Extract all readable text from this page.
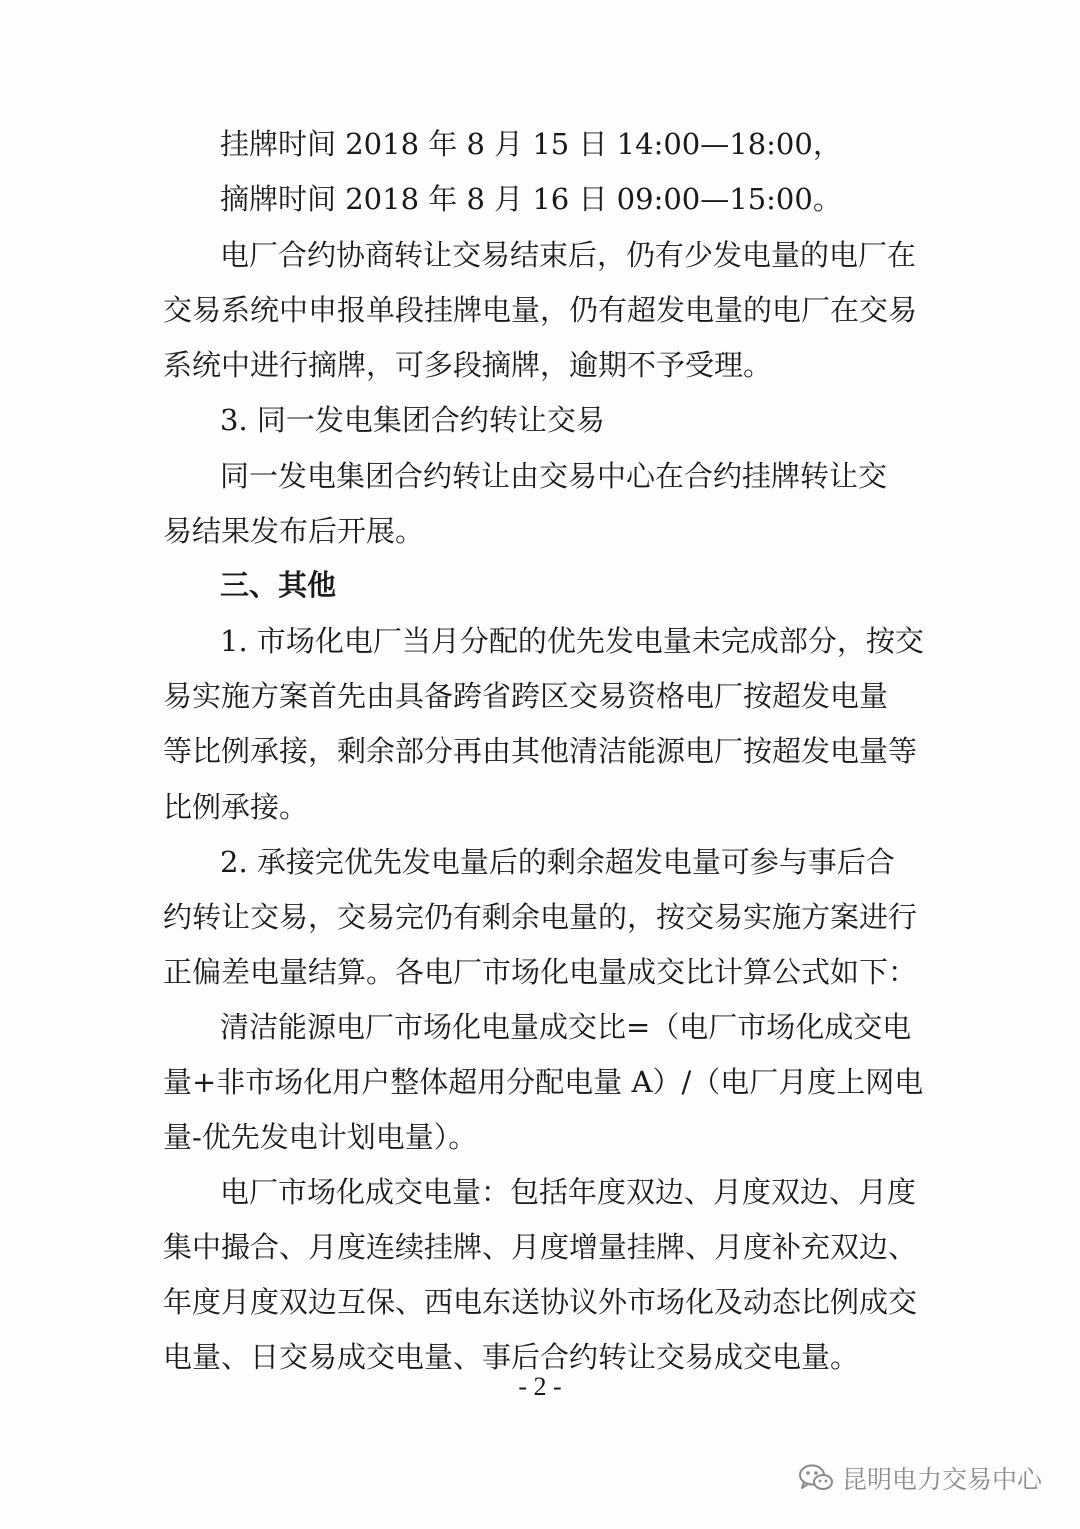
挂牌时间 2018 年 8 月 15 日 14:00—18:00，
摘牌时间 2018 年 8 月 16 日 09:00—15:00。
电厂合约协商转让交易结束后，仍有少发电量的电厂在
交易系统中申报单段挂牌电量，仍有超发电量的电厂在交易
系统中进行摘牌，可多段摘牌，逾期不予受理。
3. 同一发电集团合约转让交易
同一发电集团合约转让由交易中心在合约挂牌转让交
易结果发布后开展。
三、其他
1. 市场化电厂当月分配的优先发电量未完成部分，按交
易实施方案首先由具备跨省跨区交易资格电厂按超发电量
等比例承接，剩余部分再由其他清洁能源电厂按超发电量等
比例承接。
2. 承接完优先发电量后的剩余超发电量可参与事后合
约转让交易，交易完仍有剩余电量的，按交易实施方案进行
正偏差电量结算。各电厂市场化电量成交比计算公式如下：
清洁能源电厂市场化电量成交比=（电厂市场化成交电
量+非市场化用户整体超用分配电量 A）/（电厂月度上网电
量-优先发电计划电量）。
电厂市场化成交电量：包括年度双边、月度双边、月度
集中撮合、月度连续挂牌、月度增量挂牌、月度补充双边、
年度月度双边互保、西电东送协议外市场化及动态比例成交
电量、日交易成交电量、事后合约转让交易成交电量。
- 2 -
昆明电力交易中心
